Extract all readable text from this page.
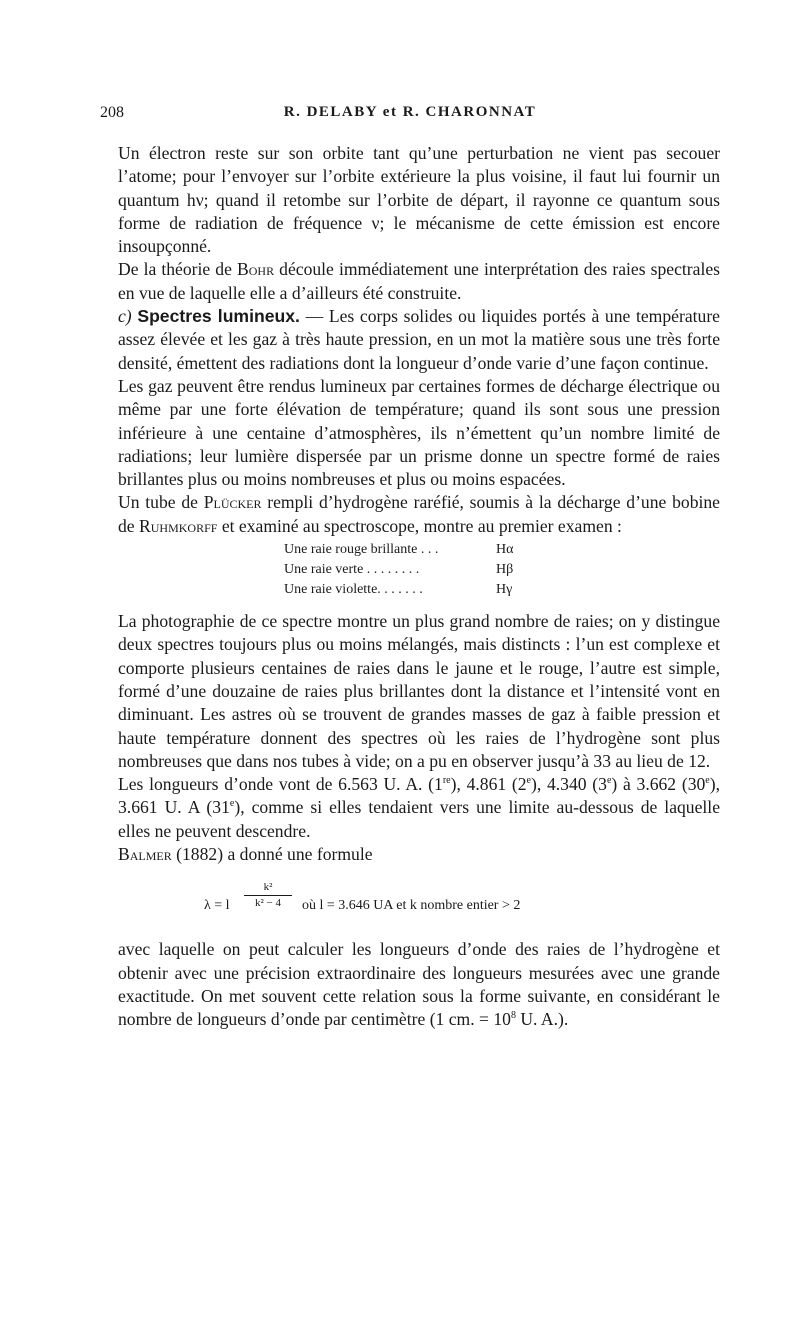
208	R. DELABY et R. CHARONNAT

Un électron reste sur son orbite tant qu’une perturbation ne vient pas secouer l’atome; pour l’envoyer sur l’orbite extérieure la plus voisine, il faut lui fournir un quantum hν; quand il retombe sur l’orbite de départ, il rayonne ce quantum sous forme de radiation de fréquence ν; le mécanisme de cette émission est encore insoupçonné.

De la théorie de Bohr découle immédiatement une interprétation des raies spectrales en vue de laquelle elle a d’ailleurs été construite.

c) Spectres lumineux. — Les corps solides ou liquides portés à une température assez élevée et les gaz à très haute pression, en un mot la matière sous une très forte densité, émettent des radiations dont la longueur d’onde varie d’une façon continue.

Les gaz peuvent être rendus lumineux par certaines formes de décharge électrique ou même par une forte élévation de température; quand ils sont sous une pression inférieure à une centaine d’atmosphères, ils n’émettent qu’un nombre limité de radiations; leur lumière dispersée par un prisme donne un spectre formé de raies brillantes plus ou moins nombreuses et plus ou moins espacées.

Un tube de Plücker rempli d’hydrogène raréfié, soumis à la décharge d’une bobine de Ruhmkorff et examiné au spectroscope, montre au premier examen :

Une raie rouge brillante . . .	Hα
Une raie verte . . . . . . . .	Hβ
Une raie violette. . . . . . .	Hγ

La photographie de ce spectre montre un plus grand nombre de raies; on y distingue deux spectres toujours plus ou moins mélangés, mais distincts : l’un est complexe et comporte plusieurs centaines de raies dans le jaune et le rouge, l’autre est simple, formé d’une douzaine de raies plus brillantes dont la distance et l’intensité vont en diminuant. Les astres où se trouvent de grandes masses de gaz à faible pression et haute température donnent des spectres où les raies de l’hydrogène sont plus nombreuses que dans nos tubes à vide; on a pu en observer jusqu’à 33 au lieu de 12.

Les longueurs d’onde vont de 6.563 U. A. (1re), 4.861 (2e), 4.340 (3e) à 3.662 (30e), 3.661 U. A (31e), comme si elles tendaient vers une limite au-dessous de laquelle elles ne peuvent descendre.

Balmer (1882) a donné une formule

λ = l $\frac{\text{k²}}{\text{k² − 4}}$ où l = 3.646 UA et k nombre entier > 2

avec laquelle on peut calculer les longueurs d’onde des raies de l’hydrogène et obtenir avec une précision extraordinaire des longueurs mesurées avec une grande exactitude. On met souvent cette relation sous la forme suivante, en considérant le nombre de longueurs d’onde par centimètre (1 cm. = $10^8$ U. A.).
